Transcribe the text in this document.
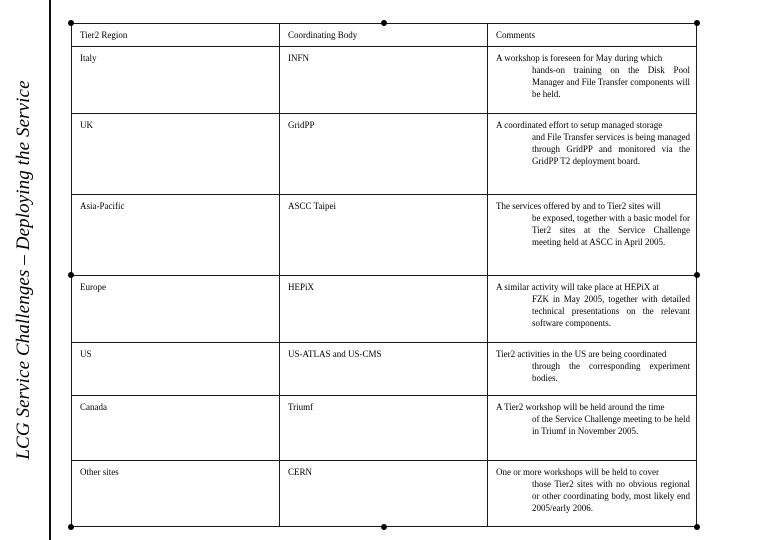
LCG Service Challenges – Deploying the Service
Tier2 Region	Coordinating Body	Comments
Italy	INFN	A workshop is foreseen for May during which
hands-on training on the Disk Pool Manager and File Transfer components will be held.

UK	GridPP	A coordinated effort to setup managed storage
and File Transfer services is being managed through GridPP and monitored via the GridPP T2 deployment board.

Asia-Pacific	ASCC Taipei	The services offered by and to Tier2 sites will
be exposed, together with a basic model for Tier2 sites at the Service Challenge meeting held at ASCC in April 2005.

Europe	HEPiX	A similar activity will take place at HEPiX at
FZK in May 2005, together with detailed technical presentations on the relevant software components.

US	US-ATLAS and US-CMS	Tier2 activities in the US are being coordinated
through the corresponding experiment bodies.

Canada	Triumf	A Tier2 workshop will be held around the time
of the Service Challenge meeting to be held in Triumf in November 2005.

Other sites	CERN	One or more workshops will be held to cover
those Tier2 sites with no obvious regional or other coordinating body, most likely end 2005/early 2006.
